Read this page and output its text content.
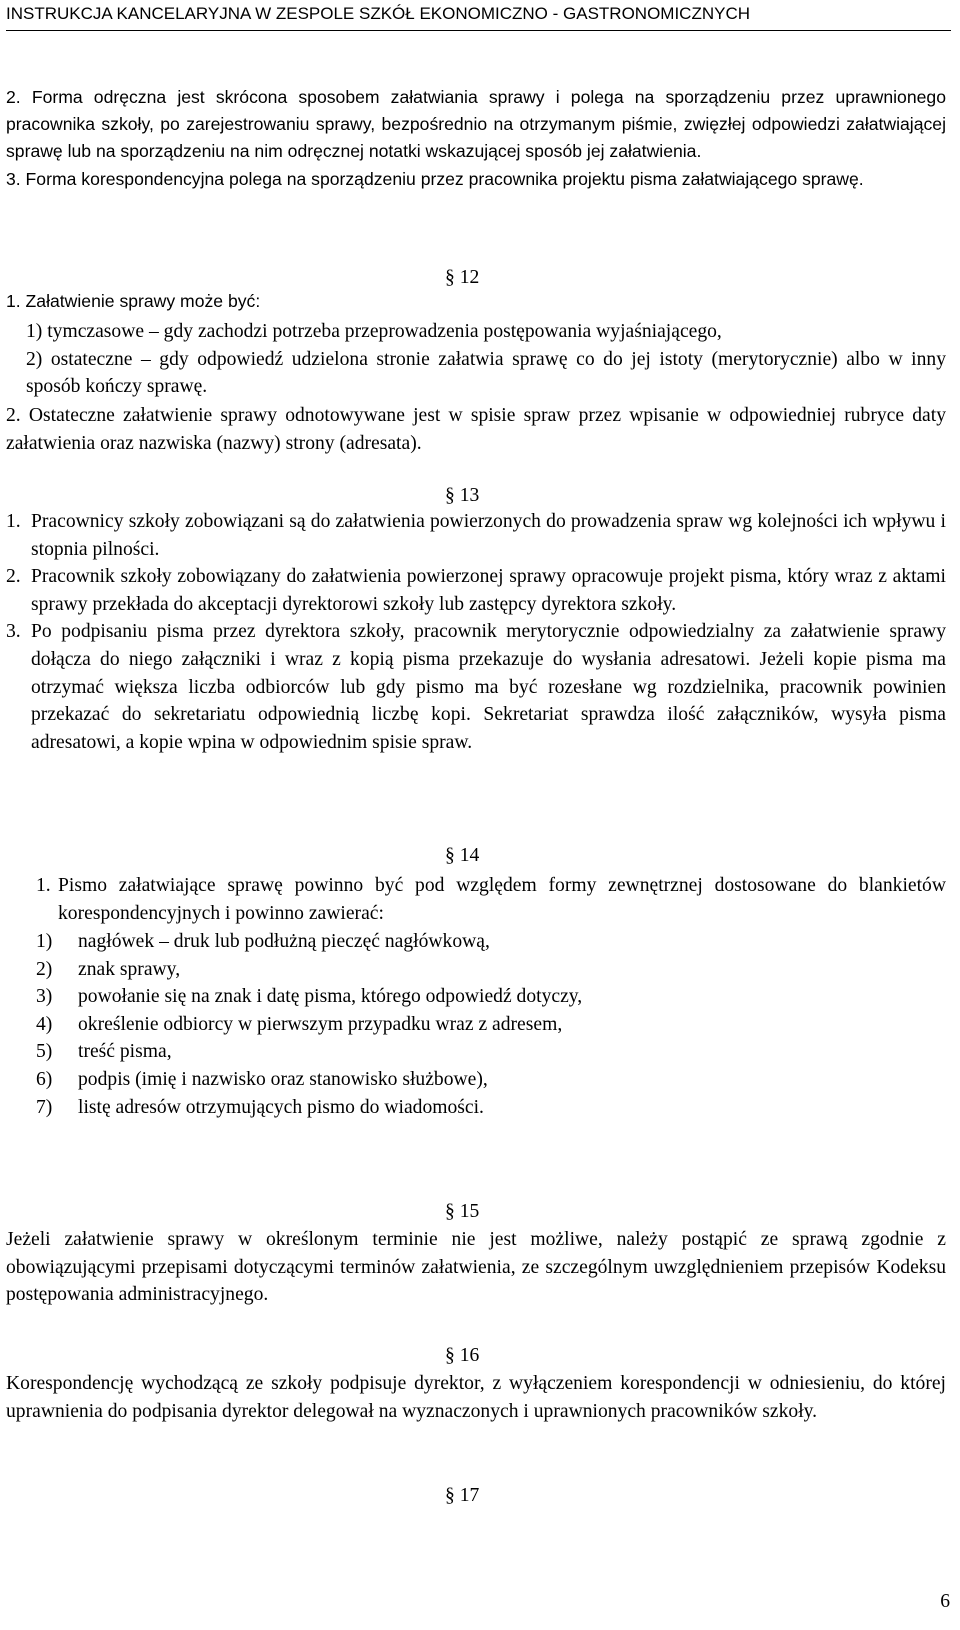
INSTRUKCJA KANCELARYJNA W ZESPOLE SZKÓŁ EKONOMICZNO - GASTRONOMICZNYCH

2. Forma odręczna jest skrócona sposobem załatwiania sprawy i polega na sporządzeniu przez uprawnionego pracownika szkoły, po zarejestrowaniu sprawy, bezpośrednio na otrzymanym piśmie, zwięzłej odpowiedzi załatwiającej sprawę lub na sporządzeniu na nim odręcznej notatki wskazującej sposób jej załatwienia.

3. Forma korespondencyjna polega na sporządzeniu przez pracownika projektu pisma załatwiającego sprawę.

§ 12

1. Załatwienie sprawy może być:

1) tymczasowe – gdy zachodzi potrzeba przeprowadzenia postępowania wyjaśniającego,

2) ostateczne – gdy odpowiedź udzielona stronie załatwia sprawę co do jej istoty (merytorycznie) albo w inny sposób kończy sprawę.

2. Ostateczne załatwienie sprawy odnotowywane jest w spisie spraw przez wpisanie w odpowiedniej rubryce daty załatwienia oraz nazwiska (nazwy) strony (adresata).

§ 13
1. Pracownicy szkoły zobowiązani są do załatwienia powierzonych do prowadzenia spraw wg kolejności ich wpływu i stopnia pilności.

2. Pracownik szkoły zobowiązany do załatwienia powierzonej sprawy opracowuje projekt pisma, który wraz z aktami sprawy przekłada do akceptacji dyrektorowi szkoły lub zastępcy dyrektora szkoły.

3. Po podpisaniu pisma przez dyrektora szkoły, pracownik merytorycznie odpowiedzialny za załatwienie sprawy dołącza do niego załączniki i wraz z kopią pisma przekazuje do wysłania adresatowi. Jeżeli kopie pisma ma otrzymać większa liczba odbiorców lub gdy pismo ma być rozesłane wg rozdzielnika, pracownik powinien przekazać do sekretariatu odpowiednią liczbę kopi. Sekretariat sprawdza ilość załączników, wysyła pisma adresatowi, a kopie wpina w odpowiednim spisie spraw.

§ 14
1. Pismo załatwiające sprawę powinno być pod względem formy zewnętrznej dostosowane do blankietów korespondencyjnych i powinno zawierać:

1) nagłówek – druk lub podłużną pieczęć nagłówkową,

2) znak sprawy,

3) powołanie się na znak i datę pisma, którego odpowiedź dotyczy,

4) określenie odbiorcy w pierwszym przypadku wraz z adresem,

5) treść pisma,

6) podpis (imię i nazwisko oraz stanowisko służbowe),

7) listę adresów otrzymujących pismo do wiadomości.

§ 15

Jeżeli załatwienie sprawy w określonym terminie nie jest możliwe, należy postąpić ze sprawą zgodnie z obowiązującymi przepisami dotyczącymi terminów załatwienia, ze szczególnym uwzględnieniem przepisów Kodeksu postępowania administracyjnego.

§ 16

Korespondencję wychodzącą ze szkoły podpisuje dyrektor, z wyłączeniem korespondencji w odniesieniu, do której uprawnienia do podpisania dyrektor delegował na wyznaczonych i uprawnionych pracowników szkoły.

§ 17
6
